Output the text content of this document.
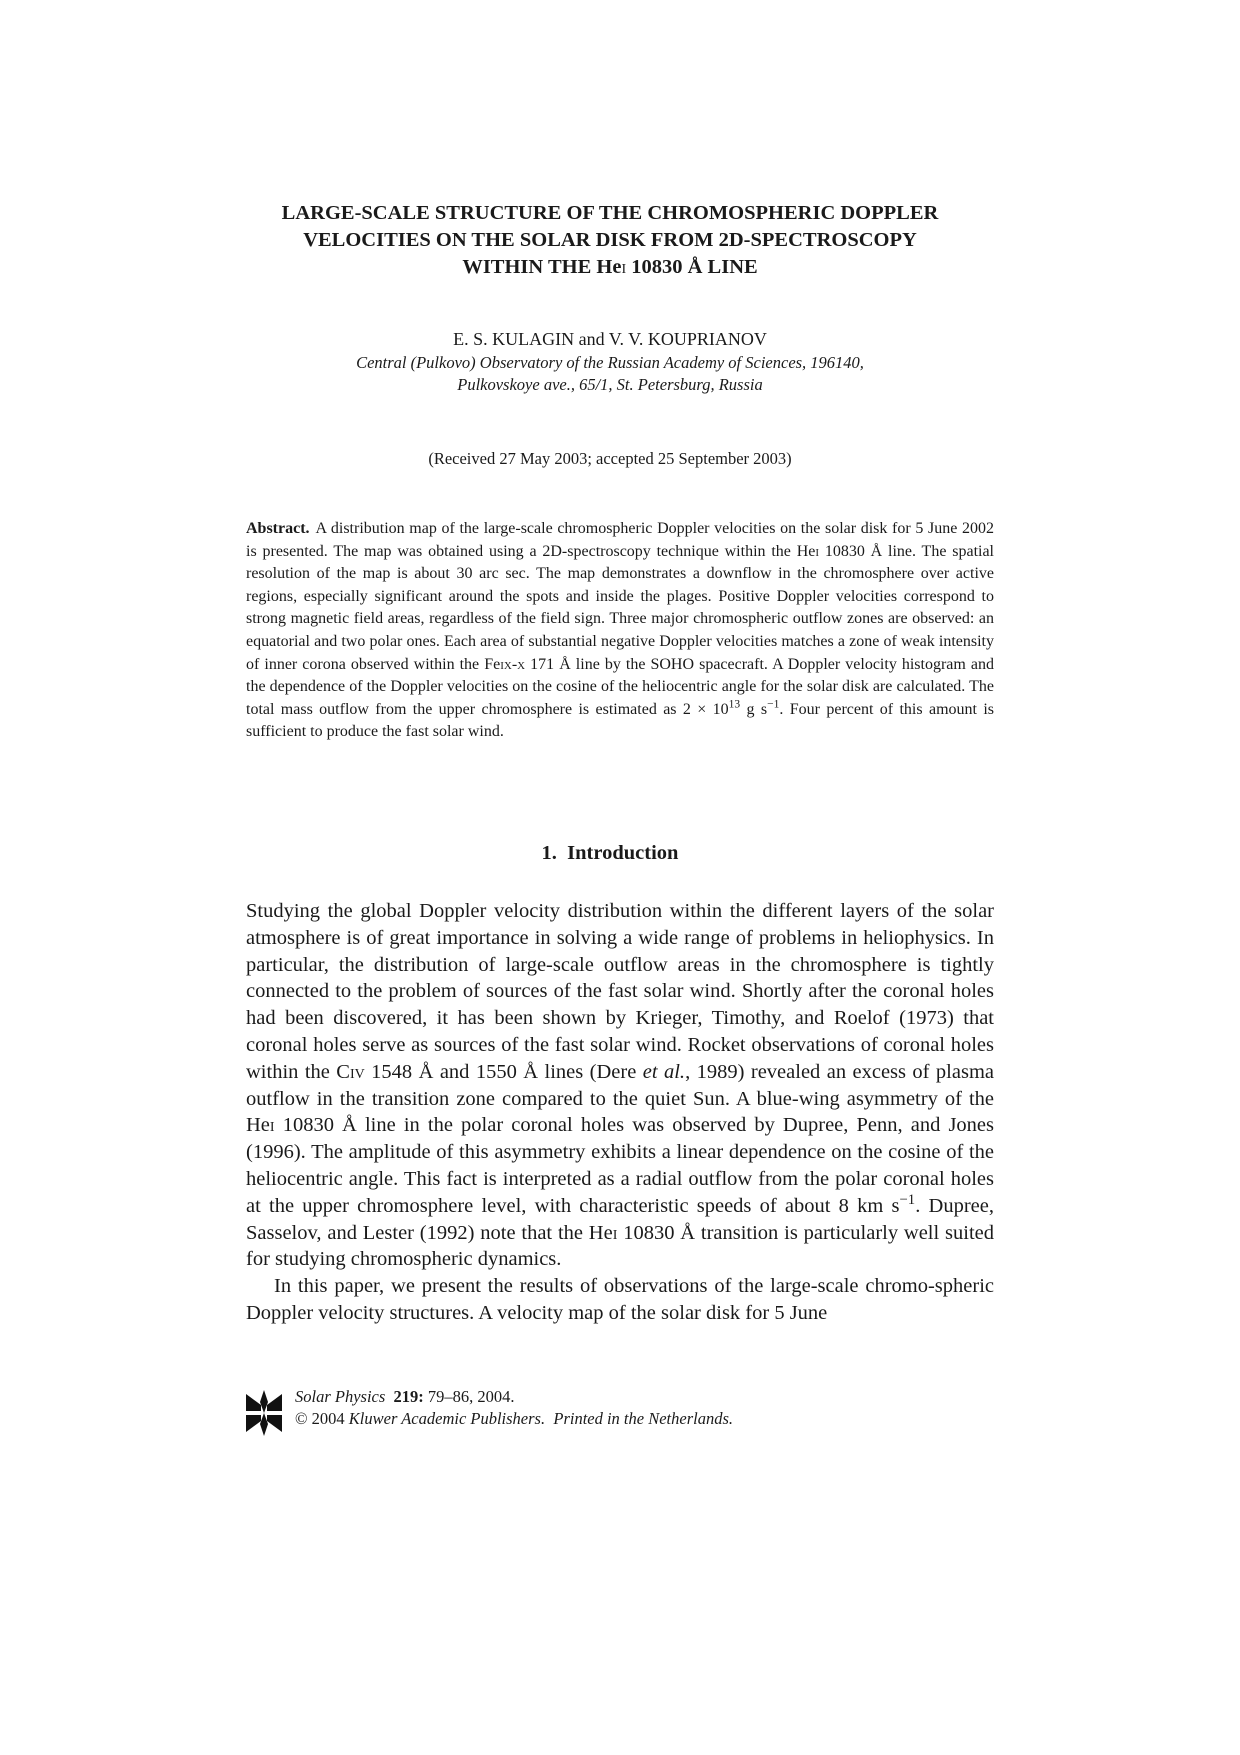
LARGE-SCALE STRUCTURE OF THE CHROMOSPHERIC DOPPLER
VELOCITIES ON THE SOLAR DISK FROM 2D-SPECTROSCOPY
WITHIN THE Hei 10830 Å LINE
E. S. KULAGIN and V. V. KOUPRIANOV
Central (Pulkovo) Observatory of the Russian Academy of Sciences, 196140,
Pulkovskoye ave., 65/1, St. Petersburg, Russia
(Received 27 May 2003; accepted 25 September 2003)
Abstract. A distribution map of the large-scale chromospheric Doppler velocities on the solar disk for 5 June 2002 is presented. The map was obtained using a 2D-spectroscopy technique within the Hei 10830 Å line. The spatial resolution of the map is about 30 arc sec. The map demonstrates a downflow in the chromosphere over active regions, especially significant around the spots and inside the plages. Positive Doppler velocities correspond to strong magnetic field areas, regardless of the field sign. Three major chromospheric outflow zones are observed: an equatorial and two polar ones. Each area of substantial negative Doppler velocities matches a zone of weak intensity of inner corona observed within the Feix-x 171 Å line by the SOHO spacecraft. A Doppler velocity histogram and the dependence of the Doppler velocities on the cosine of the heliocentric angle for the solar disk are calculated. The total mass outflow from the upper chromosphere is estimated as $2 \times 10^{13}$ g $s^{-1}$. Four percent of this amount is sufficient to produce the fast solar wind.
1. Introduction

Studying the global Doppler velocity distribution within the different layers of the solar atmosphere is of great importance in solving a wide range of problems in heliophysics. In particular, the distribution of large-scale outflow areas in the chromosphere is tightly connected to the problem of sources of the fast solar wind. Shortly after the coronal holes had been discovered, it has been shown by Krieger, Timothy, and Roelof (1973) that coronal holes serve as sources of the fast solar wind. Rocket observations of coronal holes within the Civ 1548 Å and 1550 Å lines (Dere et al., 1989) revealed an excess of plasma outflow in the transition zone compared to the quiet Sun. A blue-wing asymmetry of the Hei 10830 Å line in the polar coronal holes was observed by Dupree, Penn, and Jones (1996). The amplitude of this asymmetry exhibits a linear dependence on the cosine of the heliocentric angle. This fact is interpreted as a radial outflow from the polar coronal holes at the upper chromosphere level, with characteristic speeds of about 8 km $s^{-1}$. Dupree, Sasselov, and Lester (1992) note that the Hei 10830 Å transition is particularly well suited for studying chromospheric dynamics.

In this paper, we present the results of observations of the large-scale chromo-spheric Doppler velocity structures. A velocity map of the solar disk for 5 June

Solar Physics 219: 79–86, 2004.
© 2004 Kluwer Academic Publishers. Printed in the Netherlands.
